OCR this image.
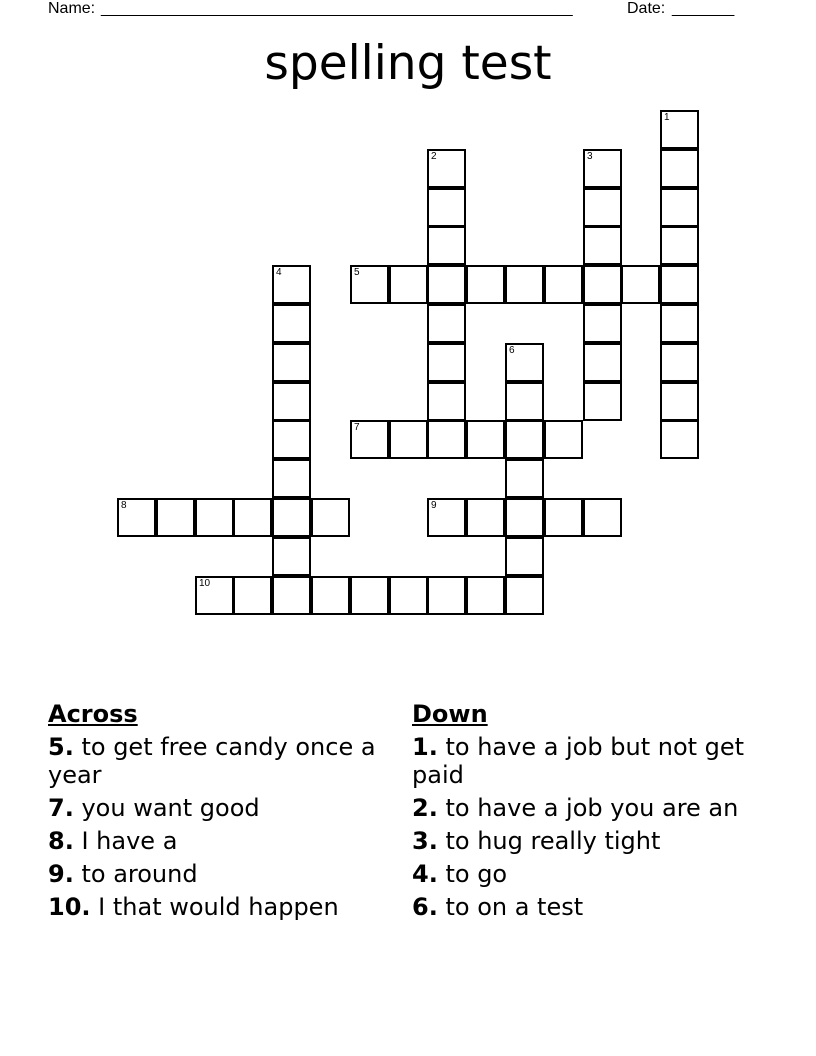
Name:

_____________________________________________________

	Date:

_______

spelling test
1
2	3
4	5
6
7
8	9
10
Across
5. to get free candy once a year
7. you want good
8. I have a
9. to around
10. I that would happen
Down
1. to have a job but not get paid
2. to have a job you are an
3. to hug really tight
4. to go
6. to on a test
